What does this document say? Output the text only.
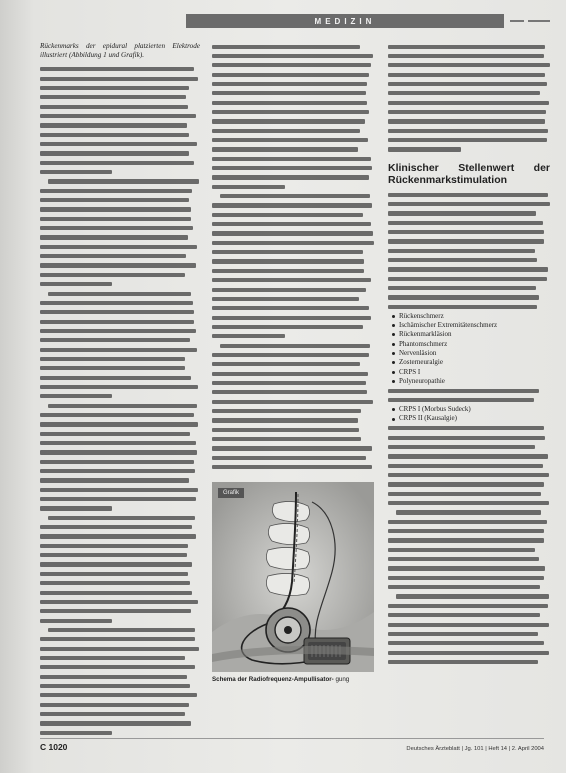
MEDIZIN
Rückenmarks der epidural platzierten Elektrode illustriert (Abbildung 1 und Grafik).
Grafik
Schema der Radiofrequenz-Ampullisator- gung
Klinischer Stellenwert der Rückenmarkstimulation
Rückenschmerz
Ischämischer Extremitätenschmerz
Rückenmarkläsion
Phantomschmerz
Nervenläsion
Zosterneuralgie
CRPS I
Polyneuropathie
CRPS I (Morbus Sudeck)
CRPS II (Kausalgie)
C 1020	Deutsches Ärzteblatt | Jg. 101 | Heft 14 | 2. April 2004
